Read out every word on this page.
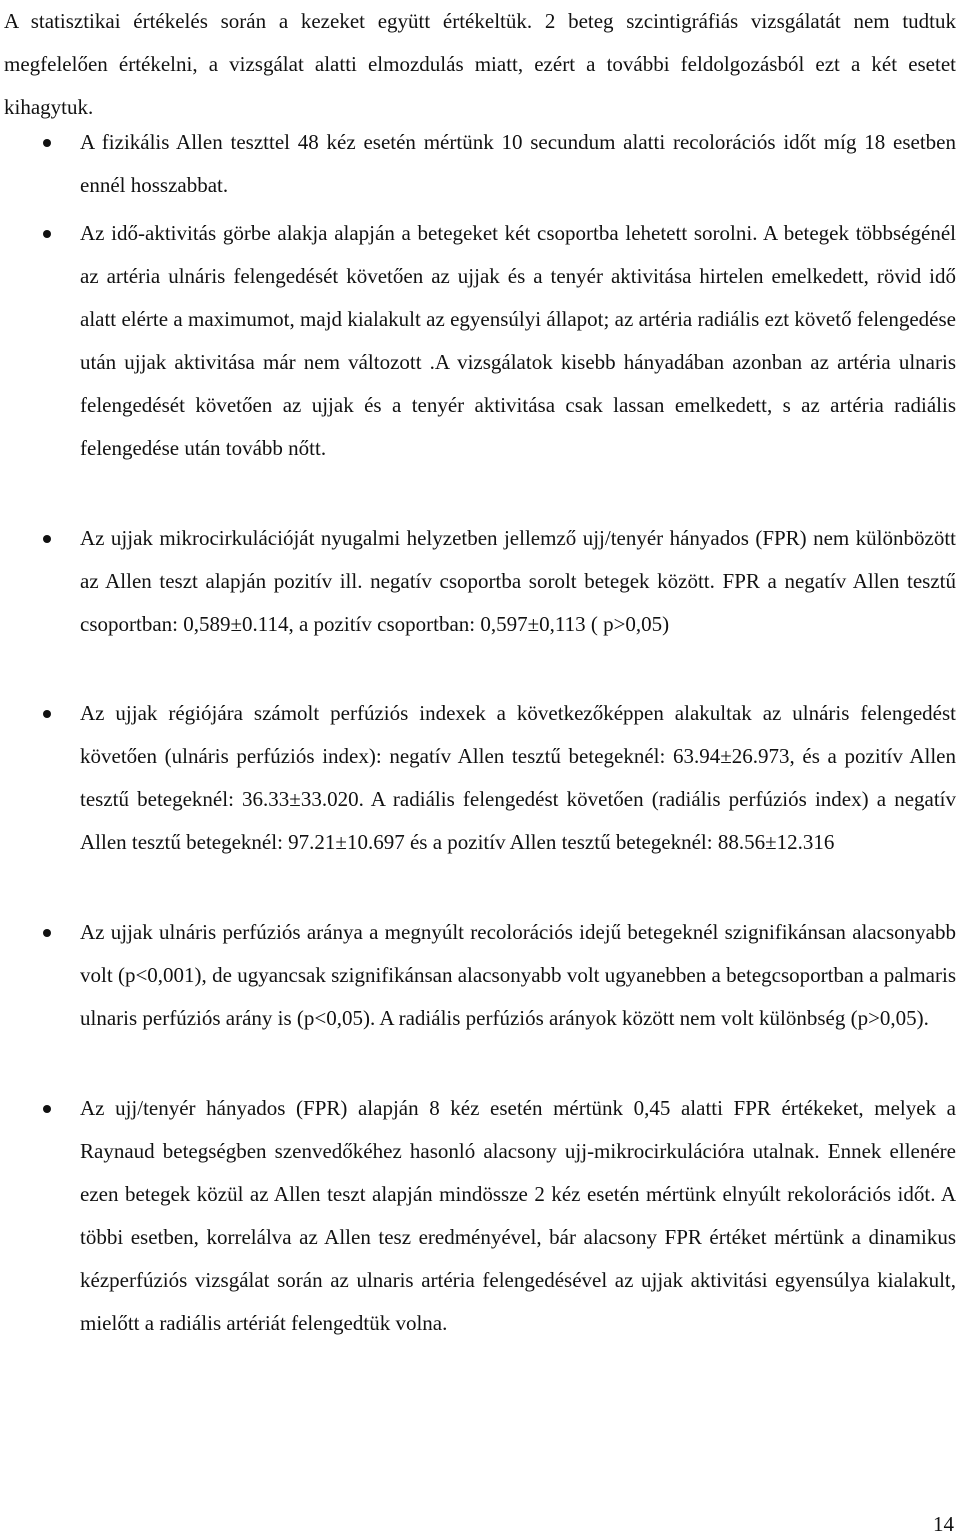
A statisztikai értékelés során a kezeket együtt értékeltük. 2 beteg szcintigráfiás vizsgálatát nem tudtuk megfelelően értékelni, a vizsgálat alatti elmozdulás miatt, ezért a további feldolgozásból ezt a két esetet kihagytuk.

A fizikális Allen teszttel 48 kéz esetén mértünk 10 secundum alatti recolorációs időt míg 18 esetben ennél hosszabbat.

Az idő-aktivitás görbe alakja alapján a betegeket két csoportba lehetett sorolni. A betegek többségénél az artéria ulnáris felengedését követően az ujjak és a tenyér aktivitása hirtelen emelkedett, rövid idő alatt elérte a maximumot, majd kialakult az egyensúlyi állapot; az artéria radiális ezt követő felengedése után ujjak aktivitása már nem változott .A vizsgálatok kisebb hányadában azonban az artéria ulnaris felengedését követően az ujjak és a tenyér aktivitása csak lassan emelkedett, s az artéria radiális felengedése után tovább nőtt.

Az ujjak mikrocirkulációját nyugalmi helyzetben jellemző ujj/tenyér hányados (FPR) nem különbözött az Allen teszt alapján pozitív ill. negatív csoportba sorolt betegek között. FPR a negatív Allen tesztű csoportban: 0,589±0.114, a pozitív csoportban: 0,597±0,113 ( p>0,05)

Az ujjak régiójára számolt perfúziós indexek a következőképpen alakultak az ulnáris felengedést követően (ulnáris perfúziós index): negatív Allen tesztű betegeknél: 63.94±26.973, és a pozitív Allen tesztű betegeknél: 36.33±33.020. A radiális felengedést követően (radiális perfúziós index) a negatív Allen tesztű betegeknél: 97.21±10.697 és a pozitív Allen tesztű betegeknél: 88.56±12.316

Az ujjak ulnáris perfúziós aránya a megnyúlt recolorációs idejű betegeknél szignifikánsan alacsonyabb volt (p<0,001), de ugyancsak szignifikánsan alacsonyabb volt ugyanebben a betegcsoportban a palmaris ulnaris perfúziós arány is (p<0,05). A radiális perfúziós arányok között nem volt különbség (p>0,05).

Az ujj/tenyér hányados (FPR) alapján 8 kéz esetén mértünk 0,45 alatti FPR értékeket, melyek a Raynaud betegségben szenvedőkéhez hasonló alacsony ujj-mikrocirkulációra utalnak. Ennek ellenére ezen betegek közül az Allen teszt alapján mindössze 2 kéz esetén mértünk elnyúlt rekolorációs időt. A többi esetben, korrelálva az Allen tesz eredményével, bár alacsony FPR értéket mértünk a dinamikus kézperfúziós vizsgálat során az ulnaris artéria felengedésével az ujjak aktivitási egyensúlya kialakult, mielőtt a radiális artériát felengedtük volna.

14
